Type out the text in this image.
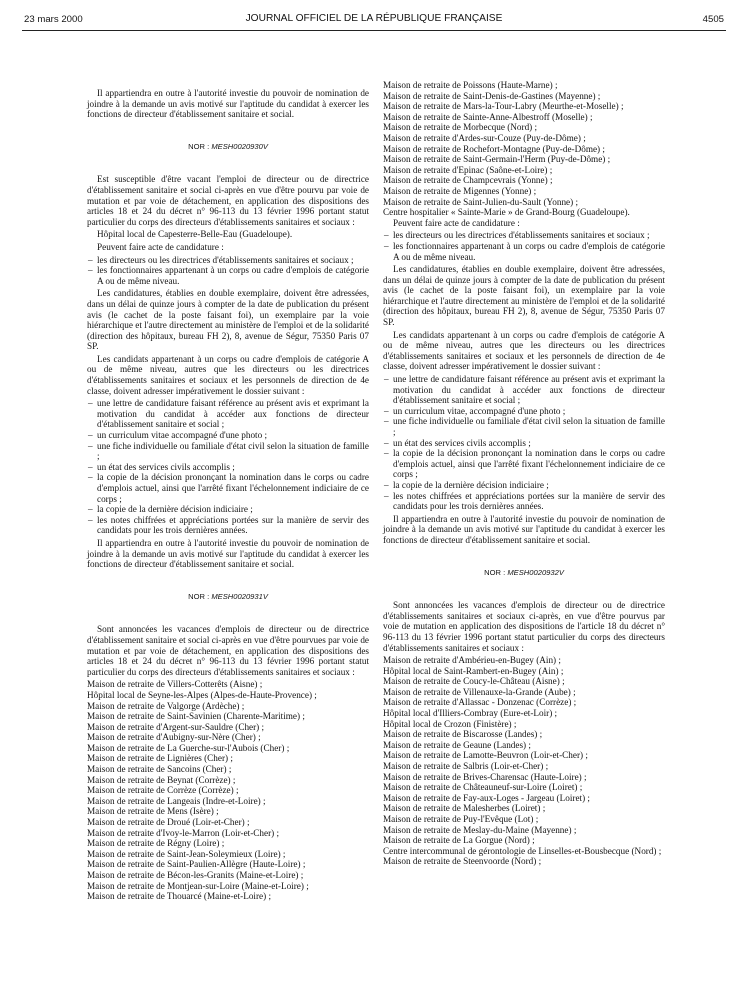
23 mars 2000	JOURNAL OFFICIEL DE LA RÉPUBLIQUE FRANÇAISE	4505

Il appartiendra en outre à l'autorité investie du pouvoir de nomination de joindre à la demande un avis motivé sur l'aptitude du candidat à exercer les fonctions de directeur d'établissement sanitaire et social.

NOR : MESH0020930V

Est susceptible d'être vacant l'emploi de directeur ou de directrice d'établissement sanitaire et social ci-après en vue d'être pourvu par voie de mutation et par voie de détachement, en application des dispositions des articles 18 et 24 du décret n° 96-113 du 13 février 1996 portant statut particulier du corps des directeurs d'établissements sanitaires et sociaux :

Hôpital local de Capesterre-Belle-Eau (Guadeloupe).

Peuvent faire acte de candidature :

– les directeurs ou les directrices d'établissements sanitaires et sociaux ;
– les fonctionnaires appartenant à un corps ou cadre d'emplois de catégorie A ou de même niveau.

Les candidatures, établies en double exemplaire, doivent être adressées, dans un délai de quinze jours à compter de la date de publication du présent avis (le cachet de la poste faisant foi), un exemplaire par la voie hiérarchique et l'autre directement au ministère de l'emploi et de la solidarité (direction des hôpitaux, bureau FH 2), 8, avenue de Ségur, 75350 Paris 07 SP.

Les candidats appartenant à un corps ou cadre d'emplois de catégorie A ou de même niveau, autres que les directeurs ou les directrices d'établissements sanitaires et sociaux et les personnels de direction de 4e classe, doivent adresser impérativement le dossier suivant :

– une lettre de candidature faisant référence au présent avis et exprimant la motivation du candidat à accéder aux fonctions de directeur d'établissement sanitaire et social ;
– un curriculum vitae accompagné d'une photo ;
– une fiche individuelle ou familiale d'état civil selon la situation de famille ;
– un état des services civils accomplis ;
– la copie de la décision prononçant la nomination dans le corps ou cadre d'emplois actuel, ainsi que l'arrêté fixant l'échelonnement indiciaire de ce corps ;
– la copie de la dernière décision indiciaire ;
– les notes chiffrées et appréciations portées sur la manière de servir des candidats pour les trois dernières années.

Il appartiendra en outre à l'autorité investie du pouvoir de nomination de joindre à la demande un avis motivé sur l'aptitude du candidat à exercer les fonctions de directeur d'établissement sanitaire et social.

NOR : MESH0020931V

Sont annoncées les vacances d'emplois de directeur ou de directrice d'établissement sanitaire et social ci-après en vue d'être pourvues par voie de mutation et par voie de détachement, en application des dispositions des articles 18 et 24 du décret n° 96-113 du 13 février 1996 portant statut particulier du corps des directeurs d'établissements sanitaires et sociaux :

Maison de retraite de Villers-Cotterêts (Aisne) ;
Hôpital local de Seyne-les-Alpes (Alpes-de-Haute-Provence) ;
Maison de retraite de Valgorge (Ardèche) ;
Maison de retraite de Saint-Savinien (Charente-Maritime) ;
Maison de retraite d'Argent-sur-Sauldre (Cher) ;
Maison de retraite d'Aubigny-sur-Nère (Cher) ;
Maison de retraite de La Guerche-sur-l'Aubois (Cher) ;
Maison de retraite de Lignières (Cher) ;
Maison de retraite de Sancoins (Cher) ;
Maison de retraite de Beynat (Corrèze) ;
Maison de retraite de Corrèze (Corrèze) ;
Maison de retraite de Langeais (Indre-et-Loire) ;
Maison de retraite de Mens (Isère) ;
Maison de retraite de Droué (Loir-et-Cher) ;
Maison de retraite d'Ivoy-le-Marron (Loir-et-Cher) ;
Maison de retraite de Régny (Loire) ;
Maison de retraite de Saint-Jean-Soleymieux (Loire) ;
Maison de retraite de Saint-Paulien-Allègre (Haute-Loire) ;
Maison de retraite de Bécon-les-Granits (Maine-et-Loire) ;
Maison de retraite de Montjean-sur-Loire (Maine-et-Loire) ;
Maison de retraite de Thouarcé (Maine-et-Loire) ;
Maison de retraite de Poissons (Haute-Marne) ;
Maison de retraite de Saint-Denis-de-Gastines (Mayenne) ;
Maison de retraite de Mars-la-Tour-Labry (Meurthe-et-Moselle) ;
Maison de retraite de Sainte-Anne-Albestroff (Moselle) ;
Maison de retraite de Morbecque (Nord) ;
Maison de retraite d'Ardes-sur-Couze (Puy-de-Dôme) ;
Maison de retraite de Rochefort-Montagne (Puy-de-Dôme) ;
Maison de retraite de Saint-Germain-l'Herm (Puy-de-Dôme) ;
Maison de retraite d'Epinac (Saône-et-Loire) ;
Maison de retraite de Champcevrais (Yonne) ;
Maison de retraite de Migennes (Yonne) ;
Maison de retraite de Saint-Julien-du-Sault (Yonne) ;
Centre hospitalier « Sainte-Marie » de Grand-Bourg (Guadeloupe).

Peuvent faire acte de candidature :

– les directeurs ou les directrices d'établissements sanitaires et sociaux ;
– les fonctionnaires appartenant à un corps ou cadre d'emplois de catégorie A ou de même niveau.

Les candidatures, établies en double exemplaire, doivent être adressées, dans un délai de quinze jours à compter de la date de publication du présent avis (le cachet de la poste faisant foi), un exemplaire par la voie hiérarchique et l'autre directement au ministère de l'emploi et de la solidarité (direction des hôpitaux, bureau FH 2), 8, avenue de Ségur, 75350 Paris 07 SP.

Les candidats appartenant à un corps ou cadre d'emplois de catégorie A ou de même niveau, autres que les directeurs ou les directrices d'établissements sanitaires et sociaux et les personnels de direction de 4e classe, doivent adresser impérativement le dossier suivant :

– une lettre de candidature faisant référence au présent avis et exprimant la motivation du candidat à accéder aux fonctions de directeur d'établissement sanitaire et social ;
– un curriculum vitae, accompagné d'une photo ;
– une fiche individuelle ou familiale d'état civil selon la situation de famille ;
– un état des services civils accomplis ;
– la copie de la décision prononçant la nomination dans le corps ou cadre d'emplois actuel, ainsi que l'arrêté fixant l'échelonnement indiciaire de ce corps ;
– la copie de la dernière décision indiciaire ;
– les notes chiffrées et appréciations portées sur la manière de servir des candidats pour les trois dernières années.

Il appartiendra en outre à l'autorité investie du pouvoir de nomination de joindre à la demande un avis motivé sur l'aptitude du candidat à exercer les fonctions de directeur d'établissement sanitaire et social.

NOR : MESH0020932V

Sont annoncées les vacances d'emplois de directeur ou de directrice d'établissements sanitaires et sociaux ci-après, en vue d'être pourvus par voie de mutation en application des dispositions de l'article 18 du décret n° 96-113 du 13 février 1996 portant statut particulier du corps des directeurs d'établissements sanitaires et sociaux :

Maison de retraite d'Ambérieu-en-Bugey (Ain) ;
Hôpital local de Saint-Rambert-en-Bugey (Ain) ;
Maison de retraite de Coucy-le-Château (Aisne) ;
Maison de retraite de Villenauxe-la-Grande (Aube) ;
Maison de retraite d'Allassac - Donzenac (Corrèze) ;
Hôpital local d'Illiers-Combray (Eure-et-Loir) ;
Hôpital local de Crozon (Finistère) ;
Maison de retraite de Biscarosse (Landes) ;
Maison de retraite de Geaune (Landes) ;
Maison de retraite de Lamotte-Beuvron (Loir-et-Cher) ;
Maison de retraite de Salbris (Loir-et-Cher) ;
Maison de retraite de Brives-Charensac (Haute-Loire) ;
Maison de retraite de Châteauneuf-sur-Loire (Loiret) ;
Maison de retraite de Fay-aux-Loges - Jargeau (Loiret) ;
Maison de retraite de Malesherbes (Loiret) ;
Maison de retraite de Puy-l'Evêque (Lot) ;
Maison de retraite de Meslay-du-Maine (Mayenne) ;
Maison de retraite de La Gorgue (Nord) ;
Centre intercommunal de gérontologie de Linselles-et-Bousbecque (Nord) ;
Maison de retraite de Steenvoorde (Nord) ;
